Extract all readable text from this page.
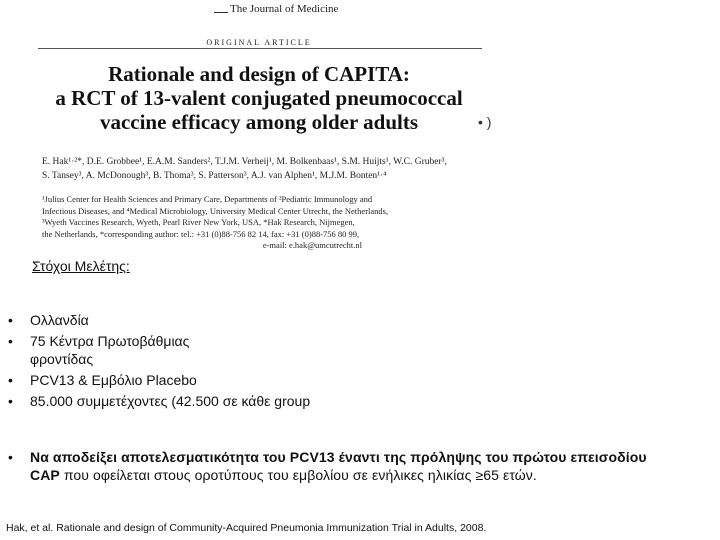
The Journal of Medicine
ORIGINAL ARTICLE
Rationale and design of CAPITA:
a RCT of 13-valent conjugated pneumococcal
vaccine efficacy among older adults
E. Hak¹·²*, D.E. Grobbee¹, E.A.M. Sanders², T.J.M. Verheij¹, M. Bolkenbaas¹, S.M. Huijts¹, W.C. Gruber³,
S. Tansey³, A. McDonough³, B. Thoma³, S. Patterson³, A.J. van Alphen¹, M.J.M. Bonten¹·⁴
¹Julius Center for Health Sciences and Primary Care, Departments of ²Pediatric Immunology and
Infectious Diseases, and ⁴Medical Microbiology, University Medical Center Utrecht, the Netherlands,
³Wyeth Vaccines Research, Wyeth, Pearl River New York, USA, *Hak Research, Nijmegen,
the Netherlands, *corresponding author: tel.: +31 (0)88-756 82 14, fax: +31 (0)88-756 80 99,
e-mail: e.hak@umcutrecht.nl
• )
Στόχοι Μελέτης:
•	Ολλανδία
•	75 Κέντρα Πρωτοβάθμιας φροντίδας
•	PCV13 & Εμβόλιο Placebo
•	85.000 συμμετέχοντες (42.500 σε κάθε group
•	Να αποδείξει αποτελεσματικότητα του PCV13 έναντι της πρόληψης του πρώτου επεισοδίου CAP που οφείλεται στους οροτύπους του εμβολίου σε ενήλικες ηλικίας ≥65 ετών.
Hak, et al. Rationale and design of Community-Acquired Pneumonia Immunization Trial in Adults, 2008.
